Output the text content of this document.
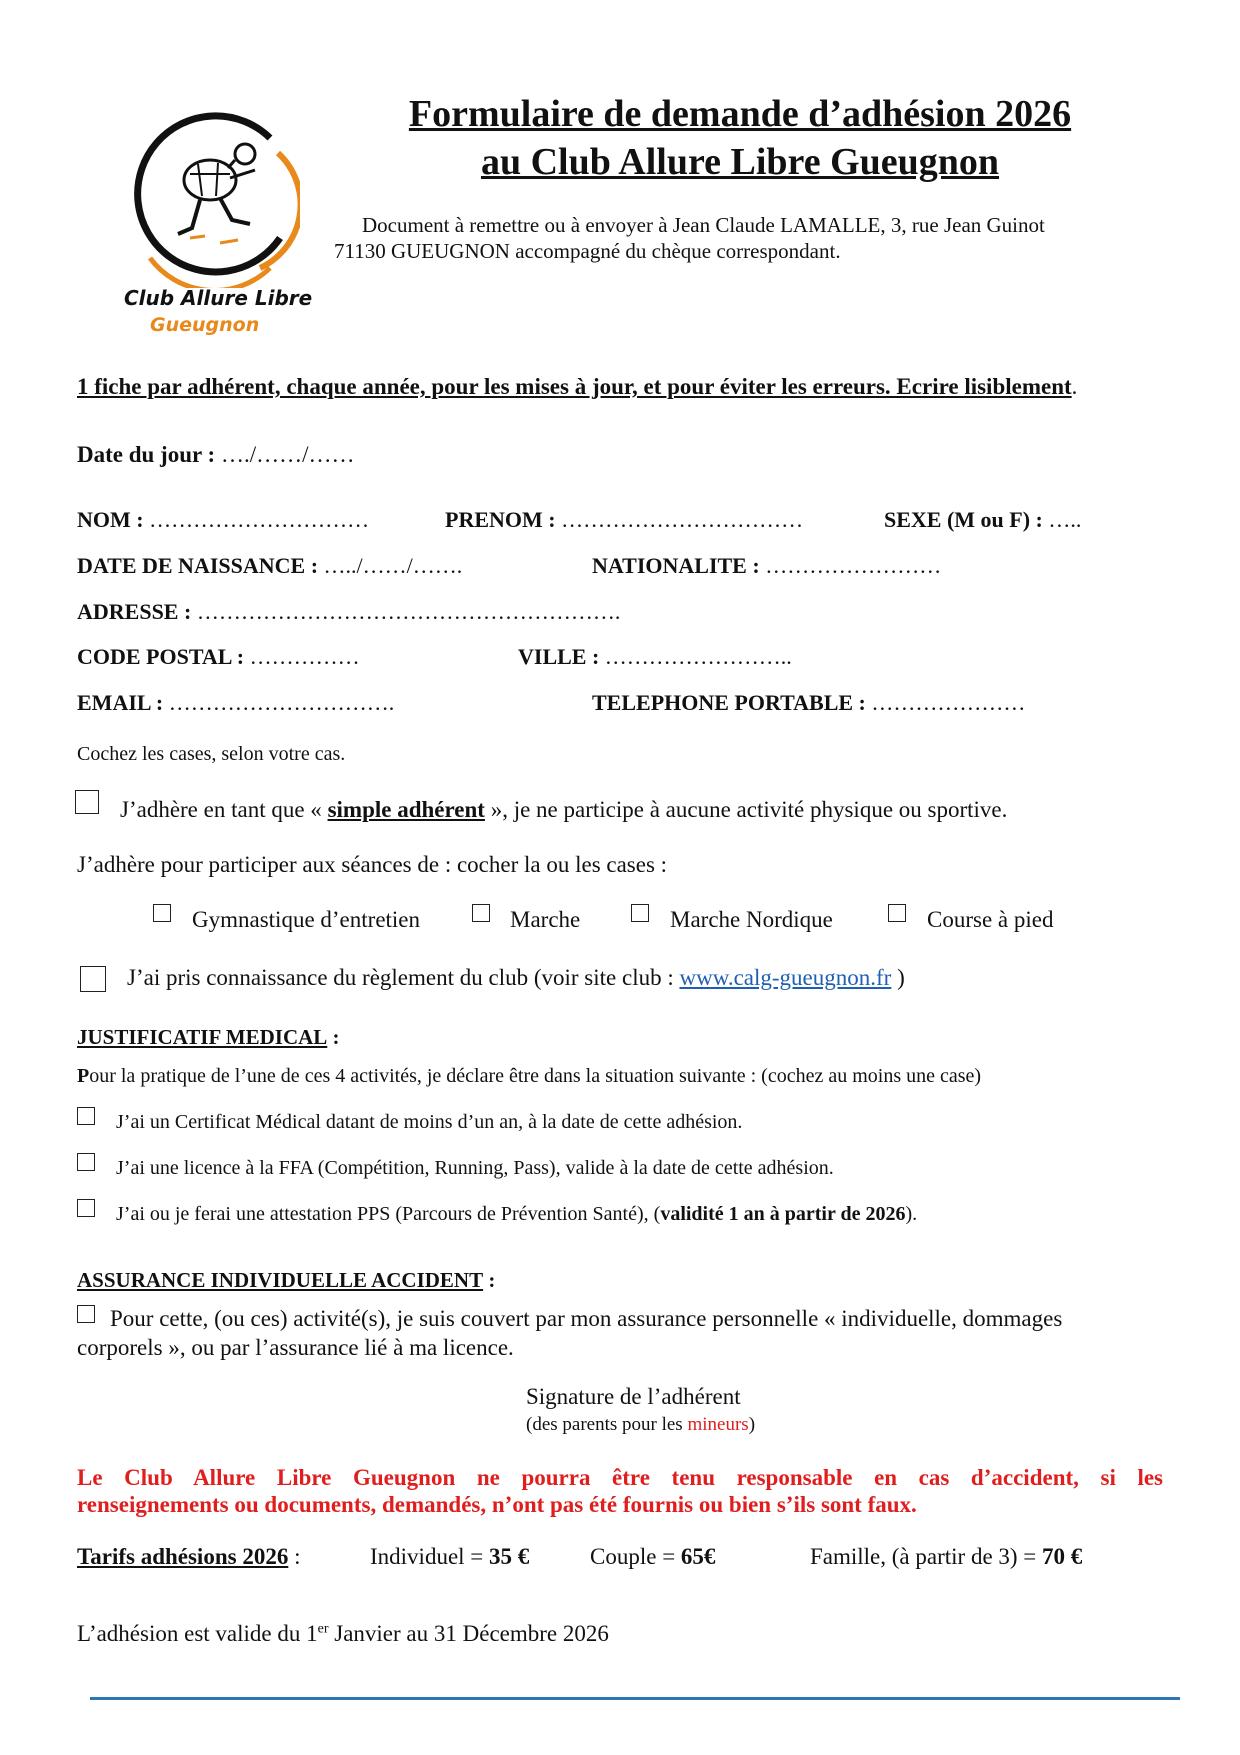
Club Allure Libre
Gueugnon
Formulaire de demande d’adhésion 2026
au Club Allure Libre Gueugnon
Document à remettre ou à envoyer à Jean Claude LAMALLE, 3, rue Jean Guinot
71130 GUEUGNON accompagné du chèque correspondant.
1 fiche par adhérent, chaque année, pour les mises à jour, et pour éviter les erreurs. Ecrire lisiblement.
Date du jour : …./……/……
NOM : …………………………	PRENOM : ……………………………	SEXE (M ou F) : …..
DATE DE NAISSANCE : …../……/…….	NATIONALITE : ……………………
ADRESSE : ………………………………………………….
CODE POSTAL : ……………	VILLE : ……………………..
EMAIL : ………………………….	TELEPHONE PORTABLE : …………………
Cochez les cases, selon votre cas.
J’adhère en tant que « simple adhérent », je ne participe à aucune activité physique ou sportive.
J’adhère pour participer aux séances de : cocher la ou les cases :
Gymnastique d’entretien	Marche	Marche Nordique	Course à pied
J’ai pris connaissance du règlement du club (voir site club : www.calg-gueugnon.fr )
JUSTIFICATIF MEDICAL :
Pour la pratique de l’une de ces 4 activités, je déclare être dans la situation suivante : (cochez au moins une case)
J’ai un Certificat Médical datant de moins d’un an, à la date de cette adhésion.
J’ai une licence à la FFA (Compétition, Running, Pass), valide à la date de cette adhésion.
J’ai ou je ferai une attestation PPS (Parcours de Prévention Santé), (validité 1 an à partir de 2026).
ASSURANCE INDIVIDUELLE ACCIDENT :
Pour cette, (ou ces) activité(s), je suis couvert par mon assurance personnelle « individuelle, dommages
corporels », ou par l’assurance lié à ma licence.
Signature de l’adhérent
(des parents pour les mineurs)
Le Club Allure Libre Gueugnon ne pourra être tenu responsable en cas d’accident, si les
renseignements ou documents, demandés, n’ont pas été fournis ou bien s’ils sont faux.
Tarifs adhésions 2026 :	Individuel = 35 €	Couple = 65€	Famille, (à partir de 3) = 70 €
L’adhésion est valide du 1er Janvier au 31 Décembre 2026
